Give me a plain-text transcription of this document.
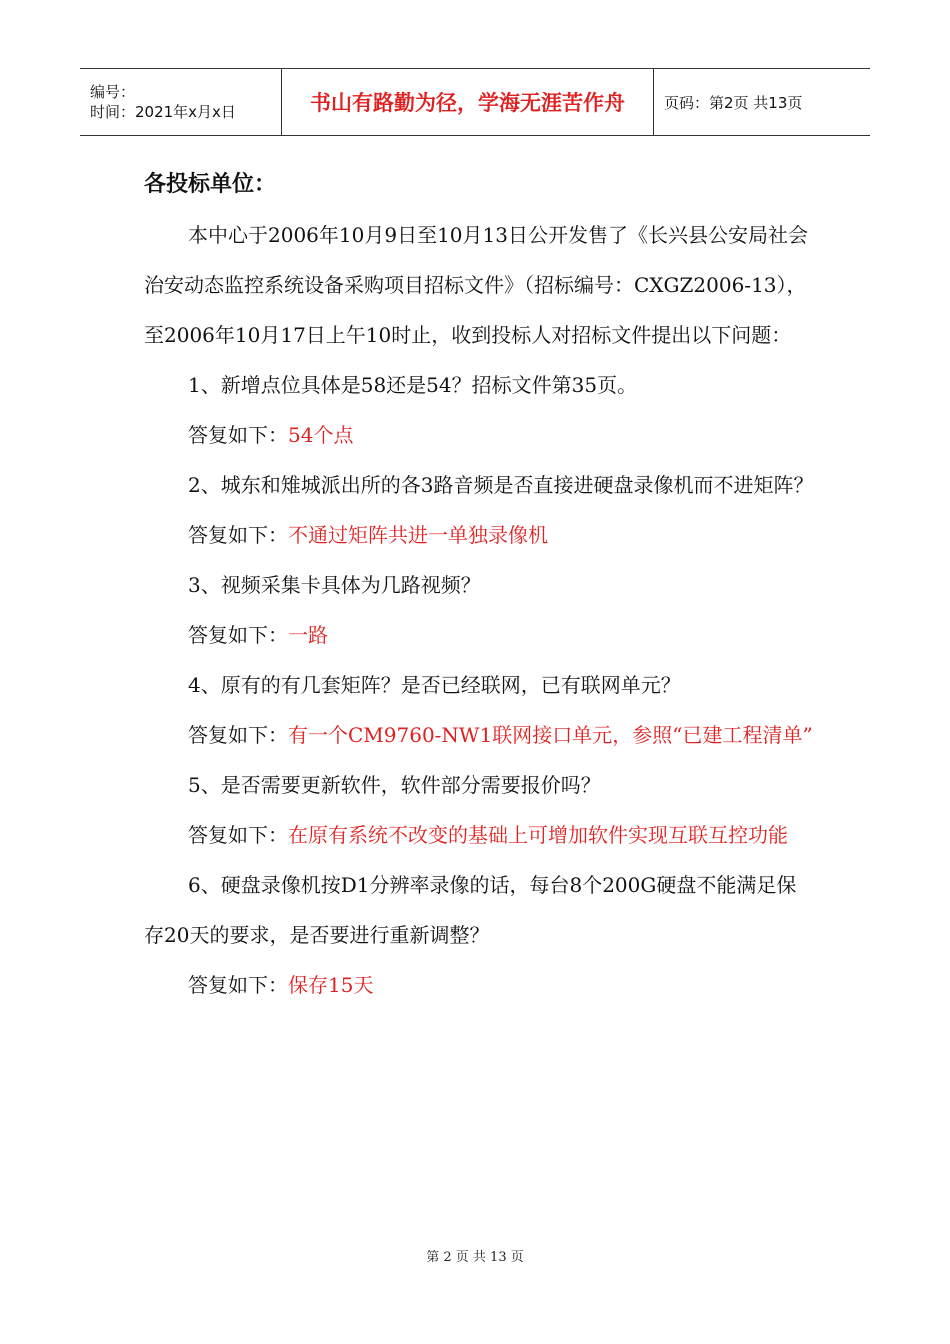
编号：
时间：2021年x月x日	书山有路勤为径，学海无涯苦作舟	页码：第2页 共13页

各投标单位：

本中心于2006年10月9日至10月13日公开发售了《长兴县公安局社会治安动态监控系统设备采购项目招标文件》（招标编号：CXGZ2006-13），至2006年10月17日上午10时止，收到投标人对招标文件提出以下问题：

1、新增点位具体是58还是54？招标文件第35页。

答复如下：54个点

2、城东和雉城派出所的各3路音频是否直接进硬盘录像机而不进矩阵？

答复如下：不通过矩阵共进一单独录像机

3、视频采集卡具体为几路视频？

答复如下：一路

4、原有的有几套矩阵？是否已经联网，已有联网单元？

答复如下：有一个CM9760-NW1联网接口单元，参照“已建工程清单”

5、是否需要更新软件，软件部分需要报价吗？

答复如下：在原有系统不改变的基础上可增加软件实现互联互控功能

6、硬盘录像机按D1分辨率录像的话，每台8个200G硬盘不能满足保存20天的要求，是否要进行重新调整？

答复如下：保存15天

第 2 页 共 13 页
